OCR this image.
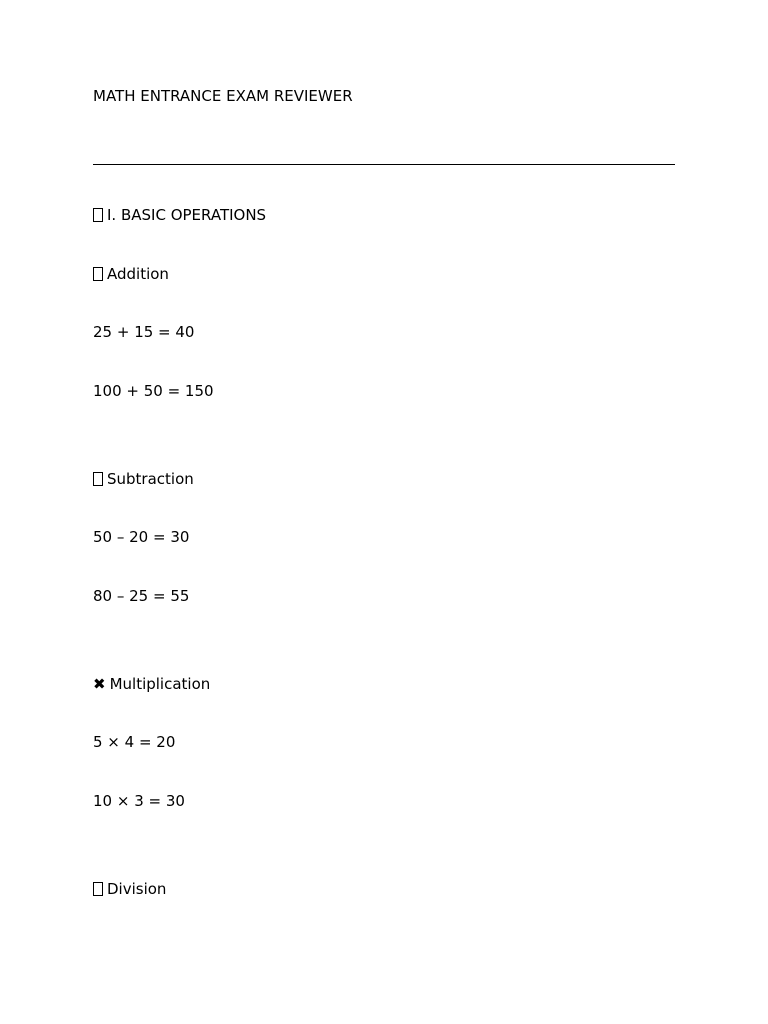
MATH ENTRANCE EXAM REVIEWER
I. BASIC OPERATIONS
Addition
25 + 15 = 40
100 + 50 = 150
Subtraction
50 – 20 = 30
80 – 25 = 55
✖ Multiplication
5 × 4 = 20
10 × 3 = 30
Division
